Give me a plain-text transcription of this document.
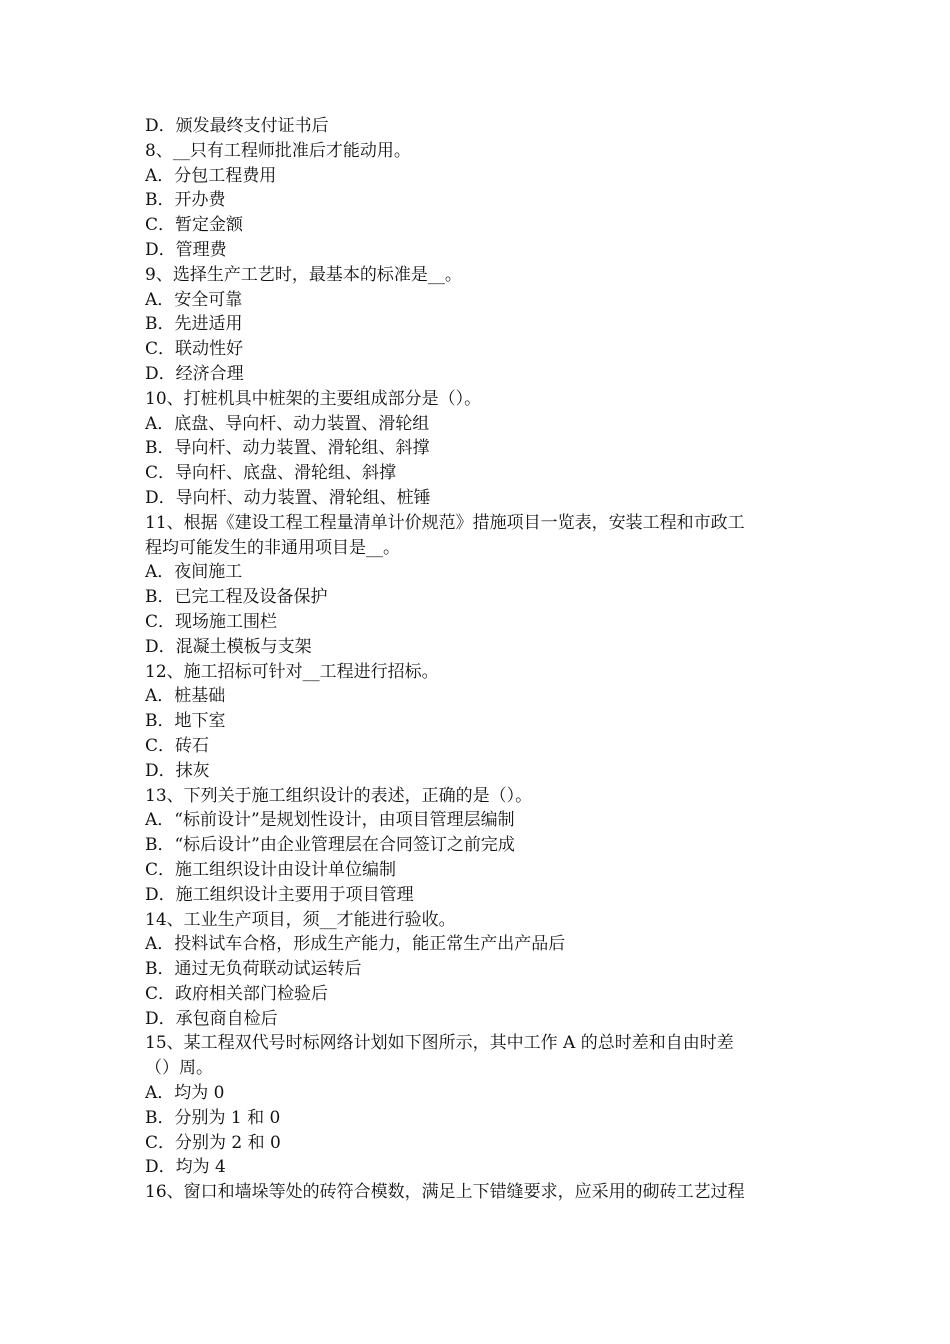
D．颁发最终支付证书后
8、__只有工程师批准后才能动用。
A．分包工程费用
B．开办费
C．暂定金额
D．管理费
9、选择生产工艺时，最基本的标准是__。
A．安全可靠
B．先进适用
C．联动性好
D．经济合理
10、打桩机具中桩架的主要组成部分是（）。
A．底盘、导向杆、动力装置、滑轮组
B．导向杆、动力装置、滑轮组、斜撑
C．导向杆、底盘、滑轮组、斜撑
D．导向杆、动力装置、滑轮组、桩锤
11、根据《建设工程工程量清单计价规范》措施项目一览表，安装工程和市政工
程均可能发生的非通用项目是__。
A．夜间施工
B．已完工程及设备保护
C．现场施工围栏
D．混凝土模板与支架
12、施工招标可针对__工程进行招标。
A．桩基础
B．地下室
C．砖石
D．抹灰
13、下列关于施工组织设计的表述，正确的是（）。
A．“标前设计”是规划性设计，由项目管理层编制
B．“标后设计”由企业管理层在合同签订之前完成
C．施工组织设计由设计单位编制
D．施工组织设计主要用于项目管理
14、工业生产项目，须__才能进行验收。
A．投料试车合格，形成生产能力，能正常生产出产品后
B．通过无负荷联动试运转后
C．政府相关部门检验后
D．承包商自检后
15、某工程双代号时标网络计划如下图所示，其中工作 A 的总时差和自由时差
（）周。
A．均为 0
B．分别为 1 和 0
C．分别为 2 和 0
D．均为 4
16、窗口和墙垛等处的砖符合模数，满足上下错缝要求，应采用的砌砖工艺过程
